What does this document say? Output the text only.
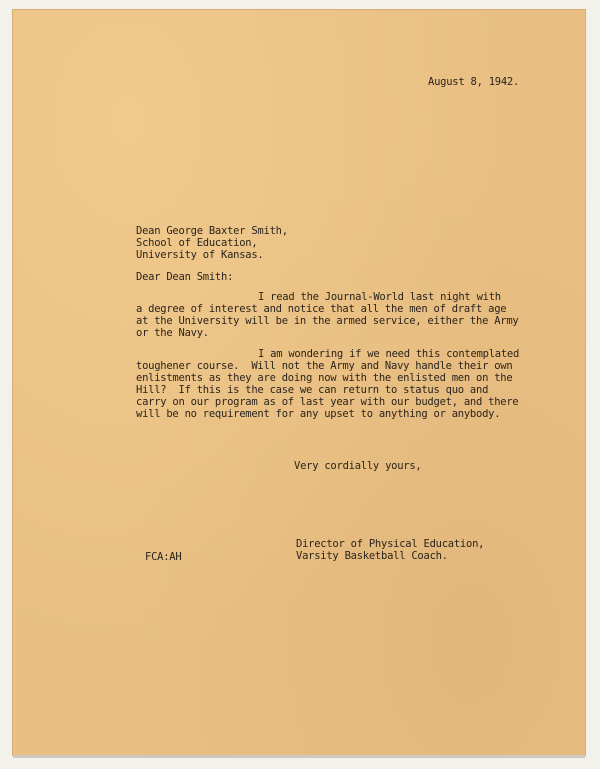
August 8, 1942.
Dean George Baxter Smith,
School of Education,
University of Kansas.
Dear Dean Smith:
I read the Journal-World last night with
a degree of interest and notice that all the men of draft age
at the University will be in the armed service, either the Army
or the Navy.
I am wondering if we need this contemplated
toughener course.  Will not the Army and Navy handle their own
enlistments as they are doing now with the enlisted men on the
Hill?  If this is the case we can return to status quo and
carry on our program as of last year with our budget, and there
will be no requirement for any upset to anything or anybody.
Very cordially yours,
Director of Physical Education,
Varsity Basketball Coach.
FCA:AH
